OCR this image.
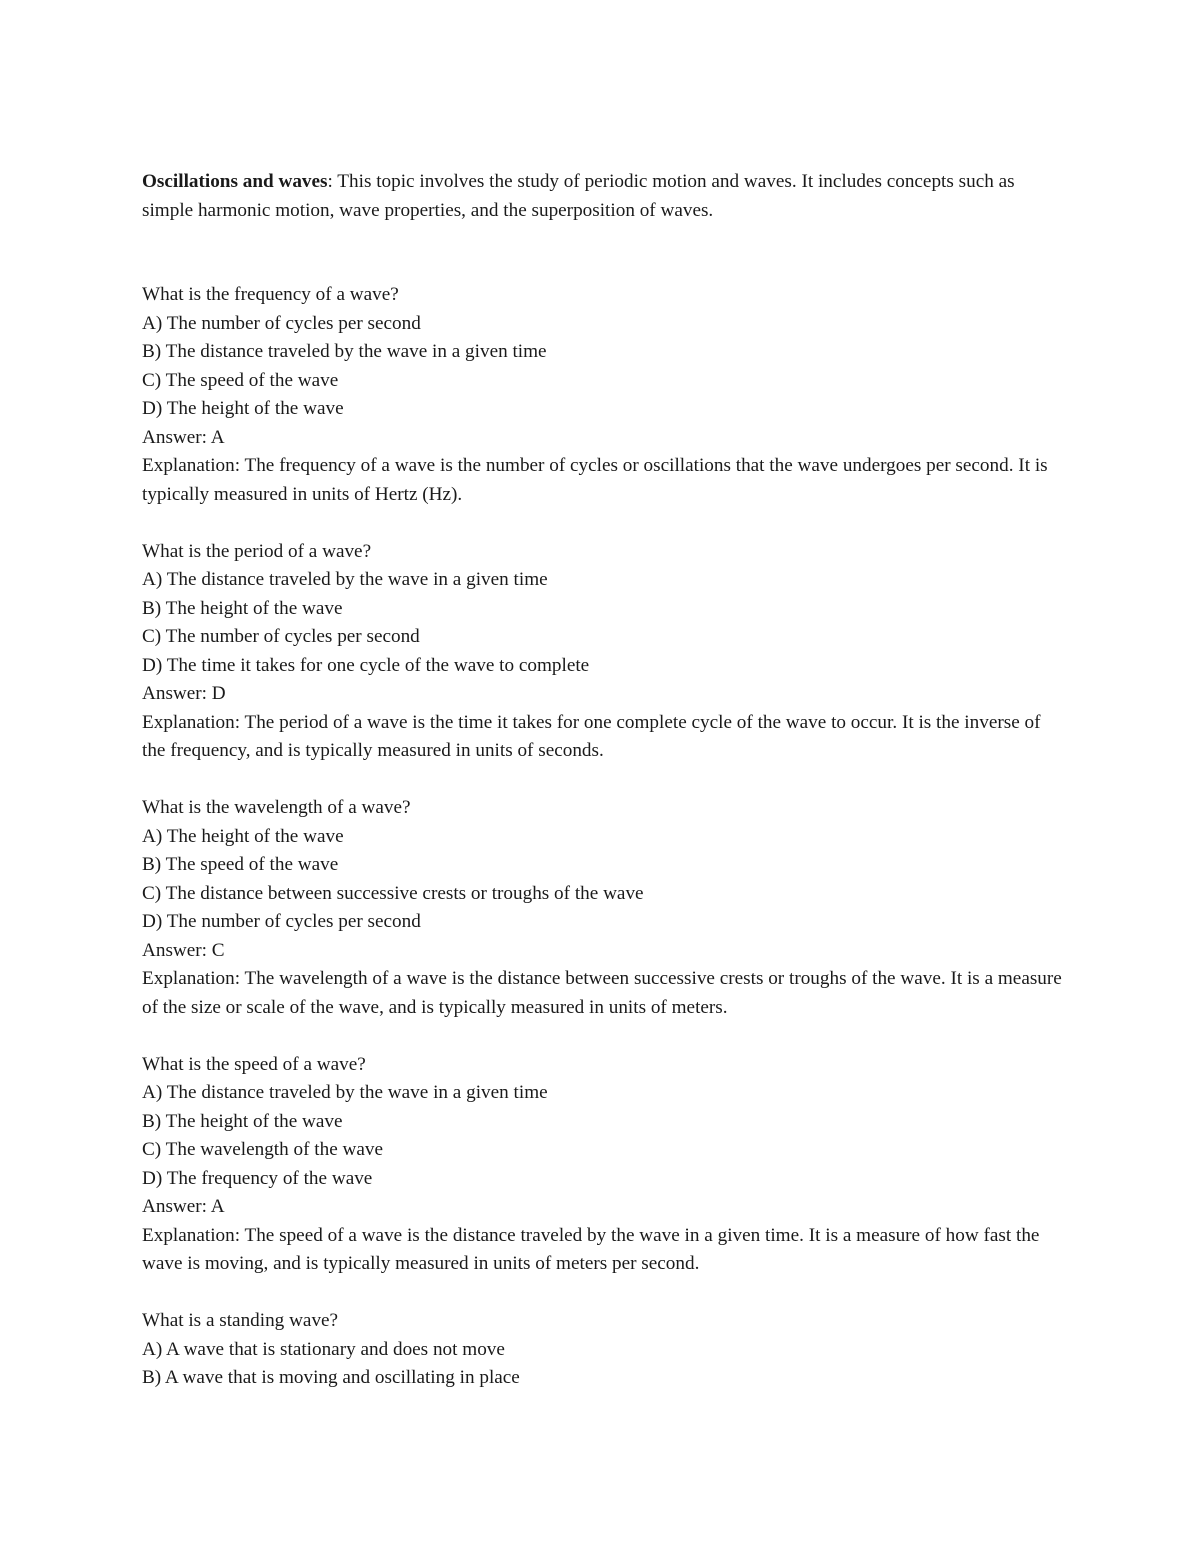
Oscillations and waves: This topic involves the study of periodic motion and waves. It includes concepts such as simple harmonic motion, wave properties, and the superposition of waves.

What is the frequency of a wave?
A) The number of cycles per second
B) The distance traveled by the wave in a given time
C) The speed of the wave
D) The height of the wave
Answer: A
Explanation: The frequency of a wave is the number of cycles or oscillations that the wave undergoes per second. It is typically measured in units of Hertz (Hz).
What is the period of a wave?
A) The distance traveled by the wave in a given time
B) The height of the wave
C) The number of cycles per second
D) The time it takes for one cycle of the wave to complete
Answer: D
Explanation: The period of a wave is the time it takes for one complete cycle of the wave to occur. It is the inverse of the frequency, and is typically measured in units of seconds.
What is the wavelength of a wave?
A) The height of the wave
B) The speed of the wave
C) The distance between successive crests or troughs of the wave
D) The number of cycles per second
Answer: C
Explanation: The wavelength of a wave is the distance between successive crests or troughs of the wave. It is a measure of the size or scale of the wave, and is typically measured in units of meters.
What is the speed of a wave?
A) The distance traveled by the wave in a given time
B) The height of the wave
C) The wavelength of the wave
D) The frequency of the wave
Answer: A
Explanation: The speed of a wave is the distance traveled by the wave in a given time. It is a measure of how fast the wave is moving, and is typically measured in units of meters per second.
What is a standing wave?
A) A wave that is stationary and does not move
B) A wave that is moving and oscillating in place
